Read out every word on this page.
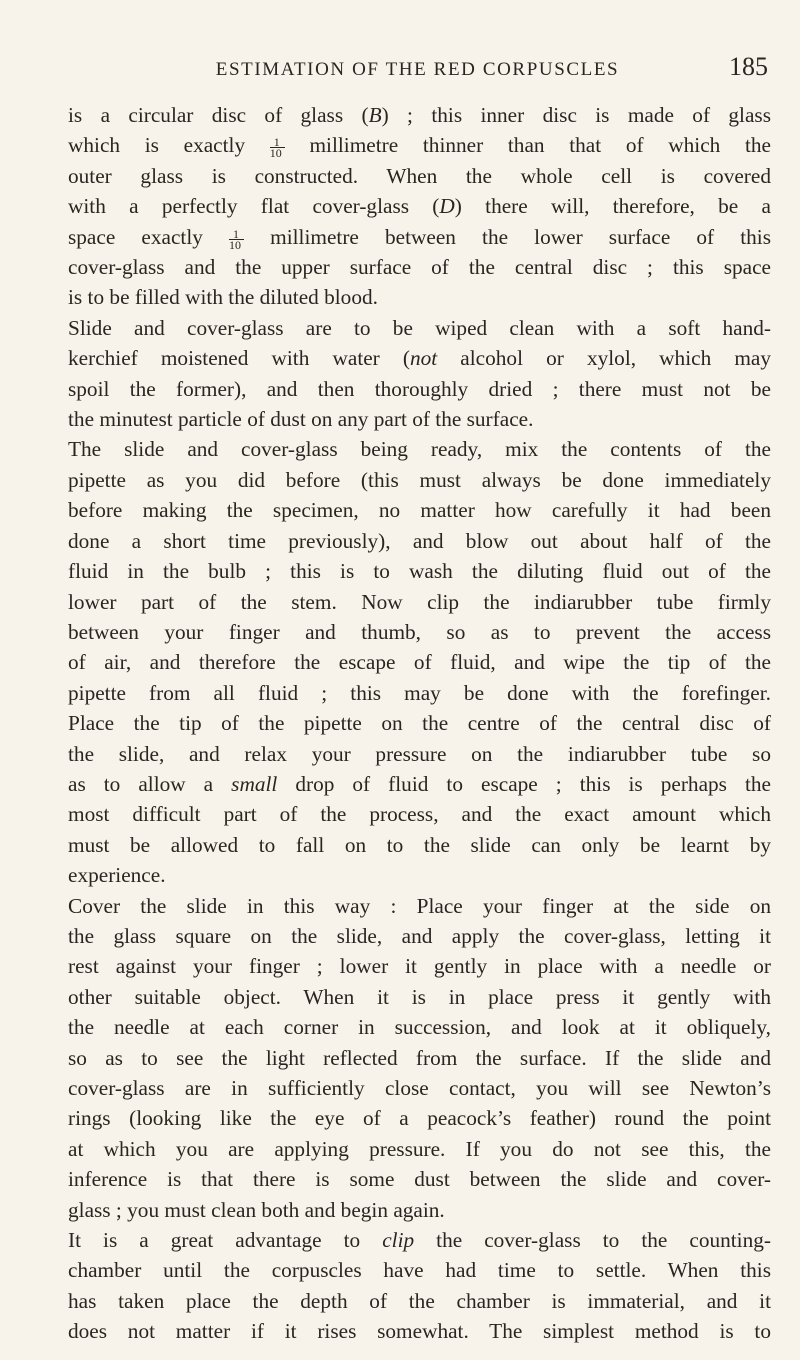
ESTIMATION OF THE RED CORPUSCLES	185

is a circular disc of glass (B) ; this inner disc is made of glass

which is exactly $\frac{1}{10}$ millimetre thinner than that of which the

outer glass is constructed. When the whole cell is covered

with a perfectly flat cover-glass (D) there will, therefore, be a

space exactly $\frac{1}{10}$ millimetre between the lower surface of this

cover-glass and the upper surface of the central disc ; this space

is to be filled with the diluted blood.

Slide and cover-glass are to be wiped clean with a soft hand-

kerchief moistened with water (not alcohol or xylol, which may

spoil the former), and then thoroughly dried ; there must not be

the minutest particle of dust on any part of the surface.

The slide and cover-glass being ready, mix the contents of the

pipette as you did before (this must always be done immediately

before making the specimen, no matter how carefully it had been

done a short time previously), and blow out about half of the

fluid in the bulb ; this is to wash the diluting fluid out of the

lower part of the stem. Now clip the indiarubber tube firmly

between your finger and thumb, so as to prevent the access

of air, and therefore the escape of fluid, and wipe the tip of the

pipette from all fluid ; this may be done with the forefinger.

Place the tip of the pipette on the centre of the central disc of

the slide, and relax your pressure on the indiarubber tube so

as to allow a small drop of fluid to escape ; this is perhaps the

most difficult part of the process, and the exact amount which

must be allowed to fall on to the slide can only be learnt by

experience.

Cover the slide in this way : Place your finger at the side on

the glass square on the slide, and apply the cover-glass, letting it

rest against your finger ; lower it gently in place with a needle or

other suitable object. When it is in place press it gently with

the needle at each corner in succession, and look at it obliquely,

so as to see the light reflected from the surface. If the slide and

cover-glass are in sufficiently close contact, you will see Newton’s

rings (looking like the eye of a peacock’s feather) round the point

at which you are applying pressure. If you do not see this, the

inference is that there is some dust between the slide and cover-

glass ; you must clean both and begin again.

It is a great advantage to clip the cover-glass to the counting-

chamber until the corpuscles have had time to settle. When this

has taken place the depth of the chamber is immaterial, and it

does not matter if it rises somewhat. The simplest method is to
